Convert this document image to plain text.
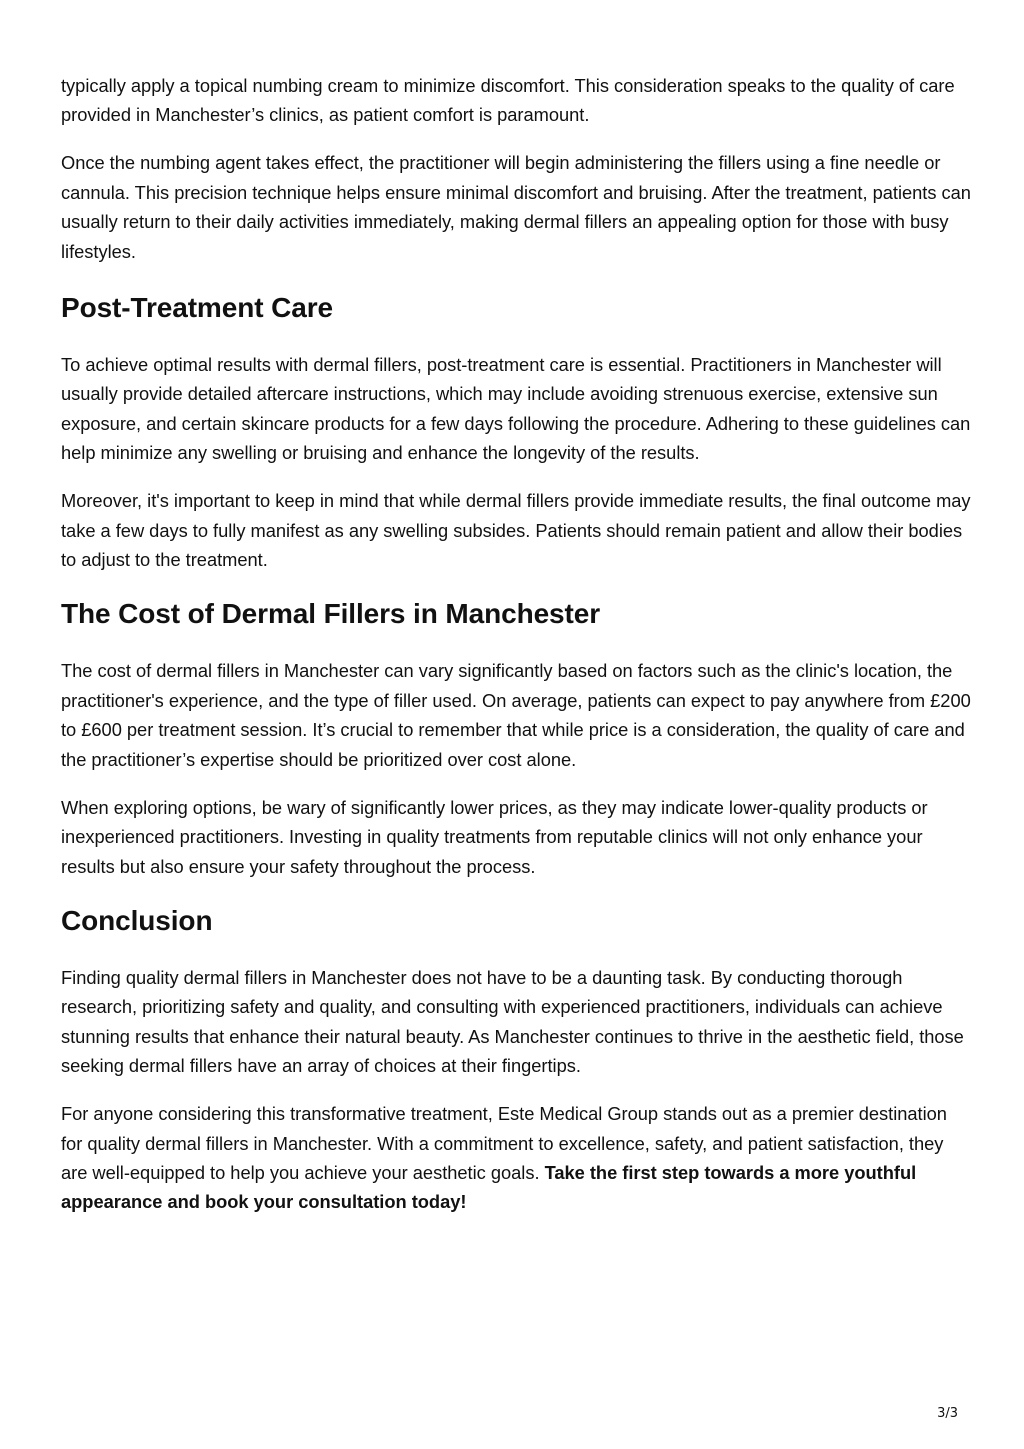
typically apply a topical numbing cream to minimize discomfort. This consideration speaks to the quality of care provided in Manchester’s clinics, as patient comfort is paramount.

Once the numbing agent takes effect, the practitioner will begin administering the fillers using a fine needle or cannula. This precision technique helps ensure minimal discomfort and bruising. After the treatment, patients can usually return to their daily activities immediately, making dermal fillers an appealing option for those with busy lifestyles.

Post-Treatment Care

To achieve optimal results with dermal fillers, post-treatment care is essential. Practitioners in Manchester will usually provide detailed aftercare instructions, which may include avoiding strenuous exercise, extensive sun exposure, and certain skincare products for a few days following the procedure. Adhering to these guidelines can help minimize any swelling or bruising and enhance the longevity of the results.

Moreover, it's important to keep in mind that while dermal fillers provide immediate results, the final outcome may take a few days to fully manifest as any swelling subsides. Patients should remain patient and allow their bodies to adjust to the treatment.

The Cost of Dermal Fillers in Manchester

The cost of dermal fillers in Manchester can vary significantly based on factors such as the clinic's location, the practitioner's experience, and the type of filler used. On average, patients can expect to pay anywhere from £200 to £600 per treatment session. It’s crucial to remember that while price is a consideration, the quality of care and the practitioner’s expertise should be prioritized over cost alone.

When exploring options, be wary of significantly lower prices, as they may indicate lower-quality products or inexperienced practitioners. Investing in quality treatments from reputable clinics will not only enhance your results but also ensure your safety throughout the process.

Conclusion

Finding quality dermal fillers in Manchester does not have to be a daunting task. By conducting thorough research, prioritizing safety and quality, and consulting with experienced practitioners, individuals can achieve stunning results that enhance their natural beauty. As Manchester continues to thrive in the aesthetic field, those seeking dermal fillers have an array of choices at their fingertips.

For anyone considering this transformative treatment, Este Medical Group stands out as a premier destination for quality dermal fillers in Manchester. With a commitment to excellence, safety, and patient satisfaction, they are well-equipped to help you achieve your aesthetic goals. Take the first step towards a more youthful appearance and book your consultation today!

3/3
